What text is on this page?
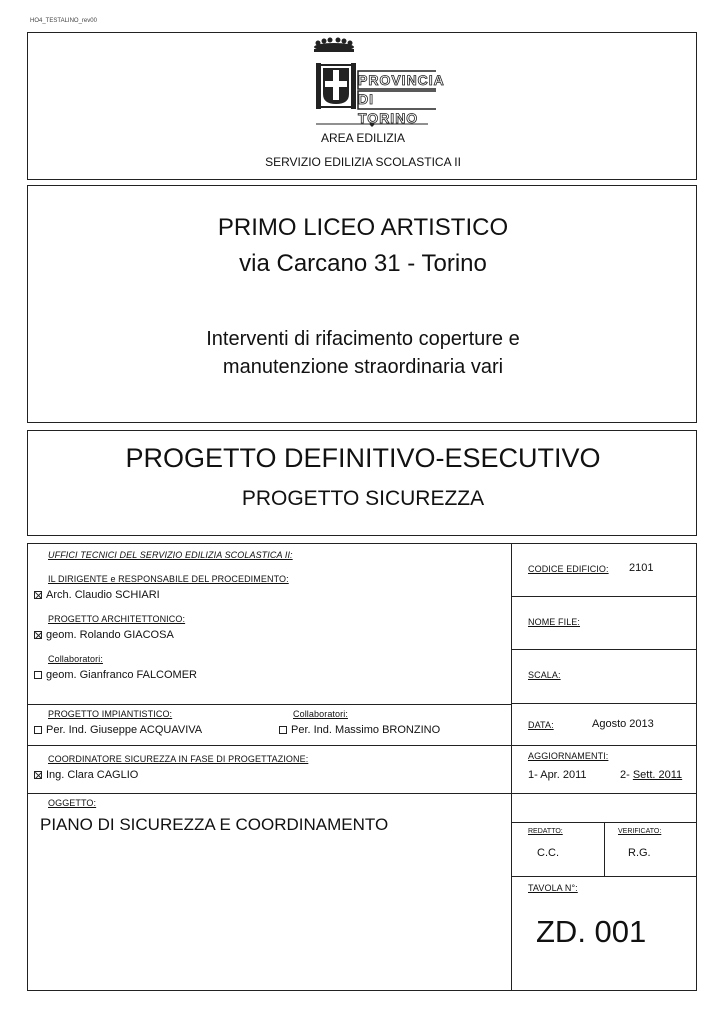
HO4_TESTALINO_rev00
PROVINCIA DI TORINO
AREA EDILIZIA
SERVIZIO EDILIZIA SCOLASTICA II
PRIMO LICEO ARTISTICO
via Carcano 31 - Torino
Interventi di rifacimento coperture e
manutenzione straordinaria vari
PROGETTO DEFINITIVO-ESECUTIVO
PROGETTO SICUREZZA
UFFICI TECNICI DEL SERVIZIO EDILIZIA SCOLASTICA II:
IL DIRIGENTE e RESPONSABILE DEL PROCEDIMENTO:
Arch. Claudio SCHIARI
PROGETTO ARCHITETTONICO:
geom. Rolando GIACOSA
Collaboratori:
geom. Gianfranco FALCOMER
PROGETTO IMPIANTISTICO:
Per. Ind. Giuseppe ACQUAVIVA
Collaboratori:
Per. Ind. Massimo BRONZINO
COORDINATORE SICUREZZA IN FASE DI PROGETTAZIONE:
Ing. Clara CAGLIO
OGGETTO:
PIANO DI SICUREZZA E COORDINAMENTO
CODICE EDIFICIO: 2101
NOME FILE:
SCALA:
DATA:	Agosto 2013
AGGIORNAMENTI:
1- Apr. 2011	2- Sett. 2011
REDATTO:
C.C.
VERIFICATO:
R.G.
TAVOLA N°:
ZD. 001
